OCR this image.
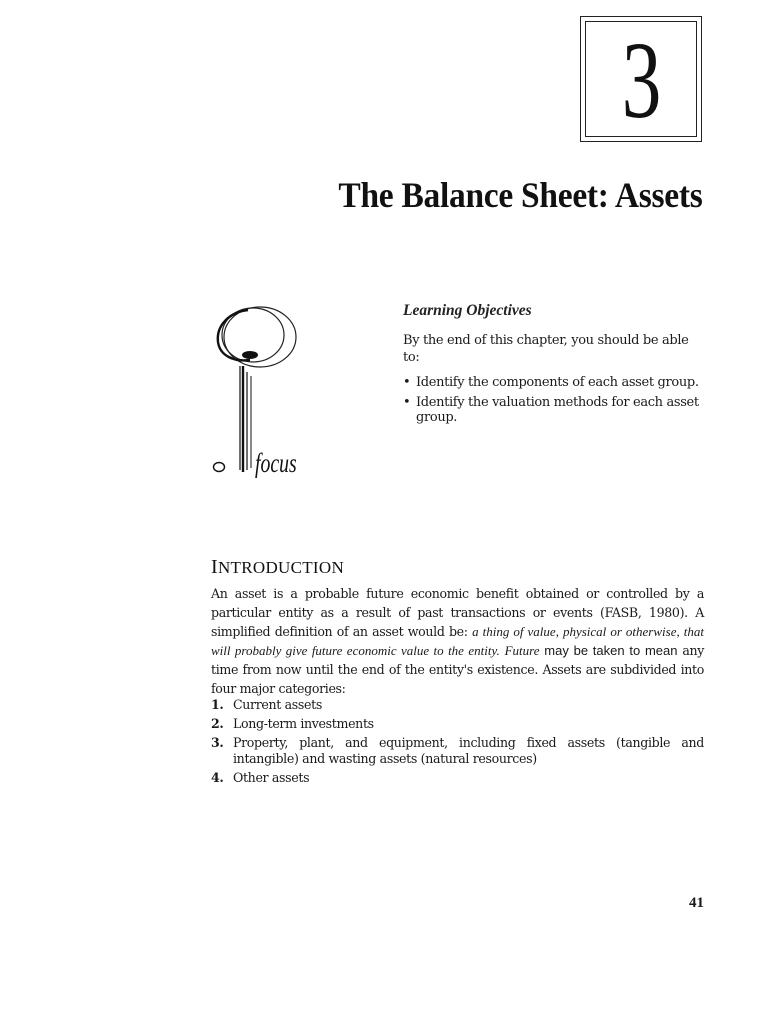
3
The Balance Sheet: Assets
focus
Learning Objectives

By the end of this chapter, you should be able to:

• Identify the components of each asset group.
• Identify the valuation methods for each asset group.
INTRODUCTION

An asset is a probable future economic benefit obtained or controlled by a particular entity as a result of past transactions or events (FASB, 1980). A simplified definition of an asset would be: a thing of value, physical or otherwise, that will probably give future economic value to the entity. Future may be taken to mean any time from now until the end of the entity's existence. Assets are subdivided into four major categories:

1. Current assets
2. Long-term investments
3. Property, plant, and equipment, including fixed assets (tangible and intangible) and wasting assets (natural resources)
4. Other assets
41
